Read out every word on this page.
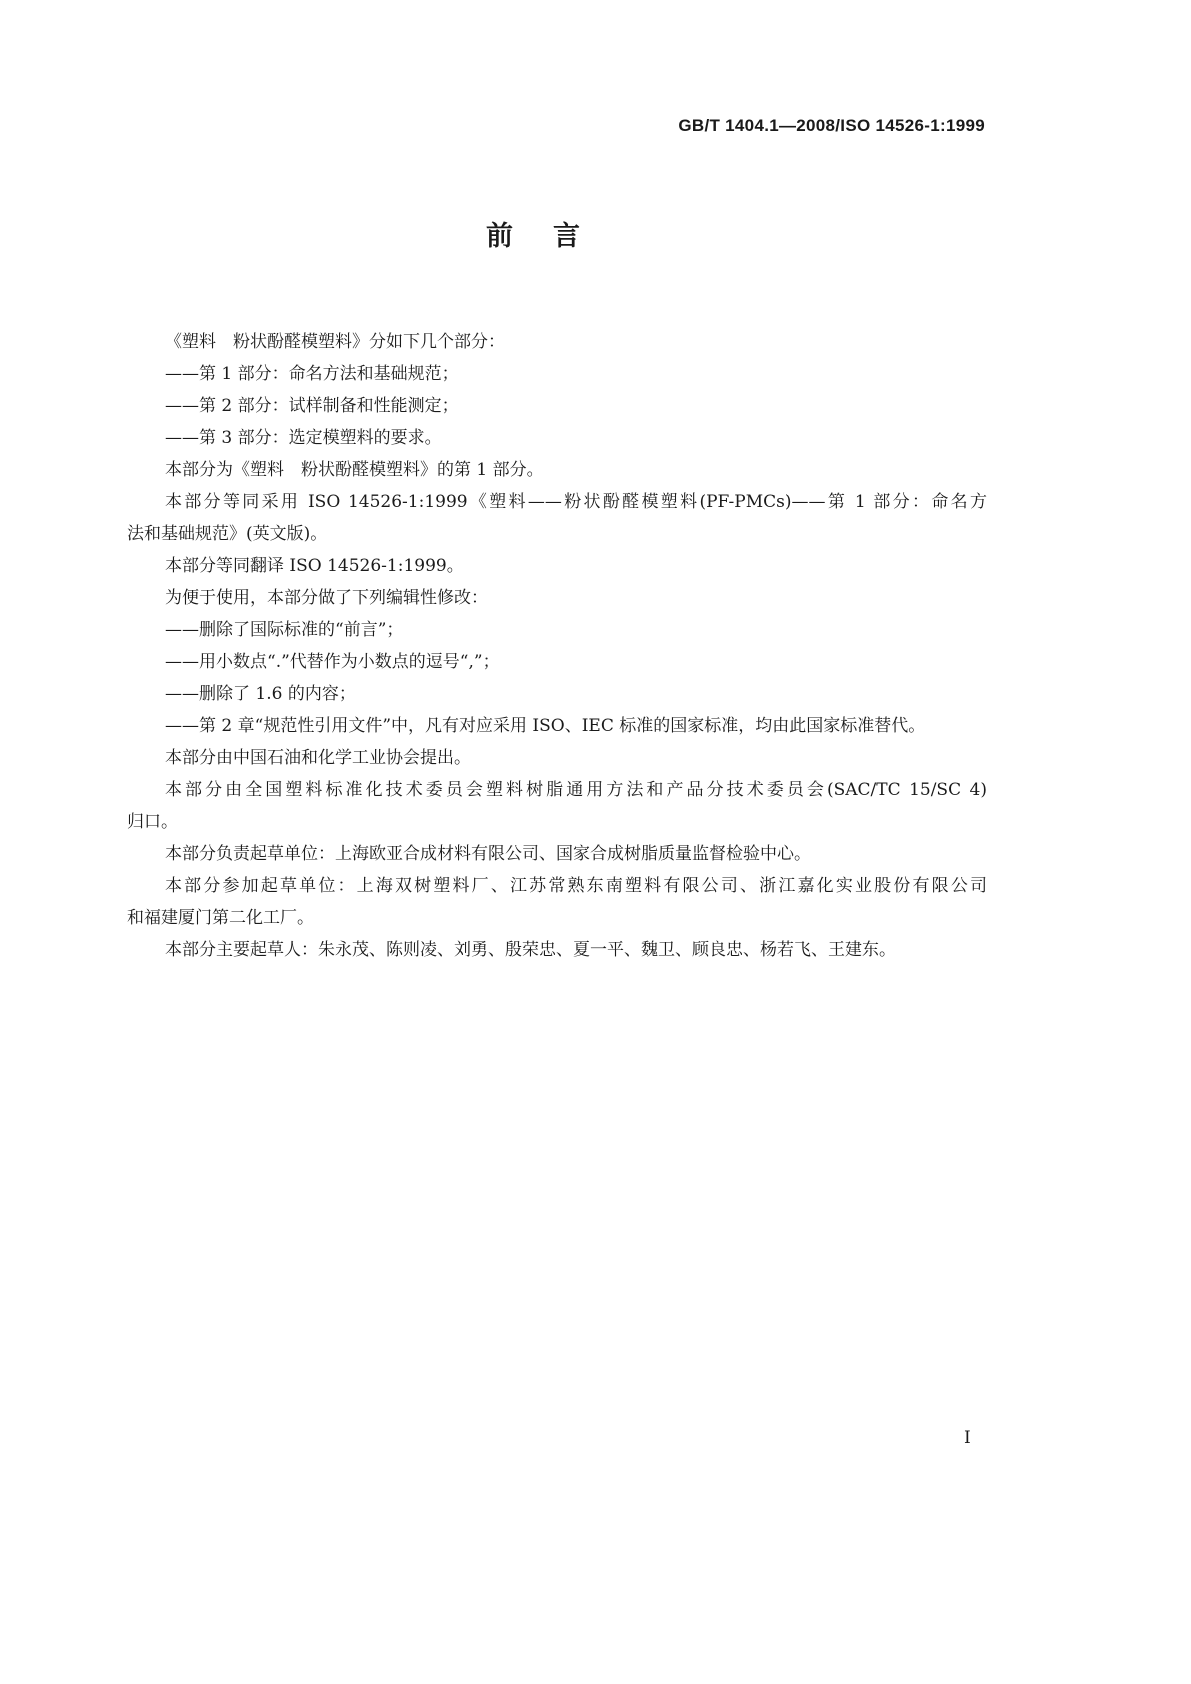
GB/T 1404.1—2008/ISO 14526-1:1999
前言
《塑料　粉状酚醛模塑料》分如下几个部分：
——第 1 部分：命名方法和基础规范；
——第 2 部分：试样制备和性能测定；
——第 3 部分：选定模塑料的要求。
本部分为《塑料　粉状酚醛模塑料》的第 1 部分。
本部分等同采用 ISO 14526-1:1999《塑料——粉状酚醛模塑料(PF-PMCs)——第 1 部分：命名方
法和基础规范》(英文版)。
本部分等同翻译 ISO 14526-1:1999。
为便于使用，本部分做了下列编辑性修改：
——删除了国际标准的“前言”；
——用小数点“.”代替作为小数点的逗号“,”；
——删除了 1.6 的内容；
——第 2 章“规范性引用文件”中，凡有对应采用 ISO、IEC 标准的国家标准，均由此国家标准替代。
本部分由中国石油和化学工业协会提出。
本部分由全国塑料标准化技术委员会塑料树脂通用方法和产品分技术委员会(SAC/TC 15/SC 4)
归口。
本部分负责起草单位：上海欧亚合成材料有限公司、国家合成树脂质量监督检验中心。
本部分参加起草单位：上海双树塑料厂、江苏常熟东南塑料有限公司、浙江嘉化实业股份有限公司
和福建厦门第二化工厂。
本部分主要起草人：朱永茂、陈则凌、刘勇、殷荣忠、夏一平、魏卫、顾良忠、杨若飞、王建东。
I
